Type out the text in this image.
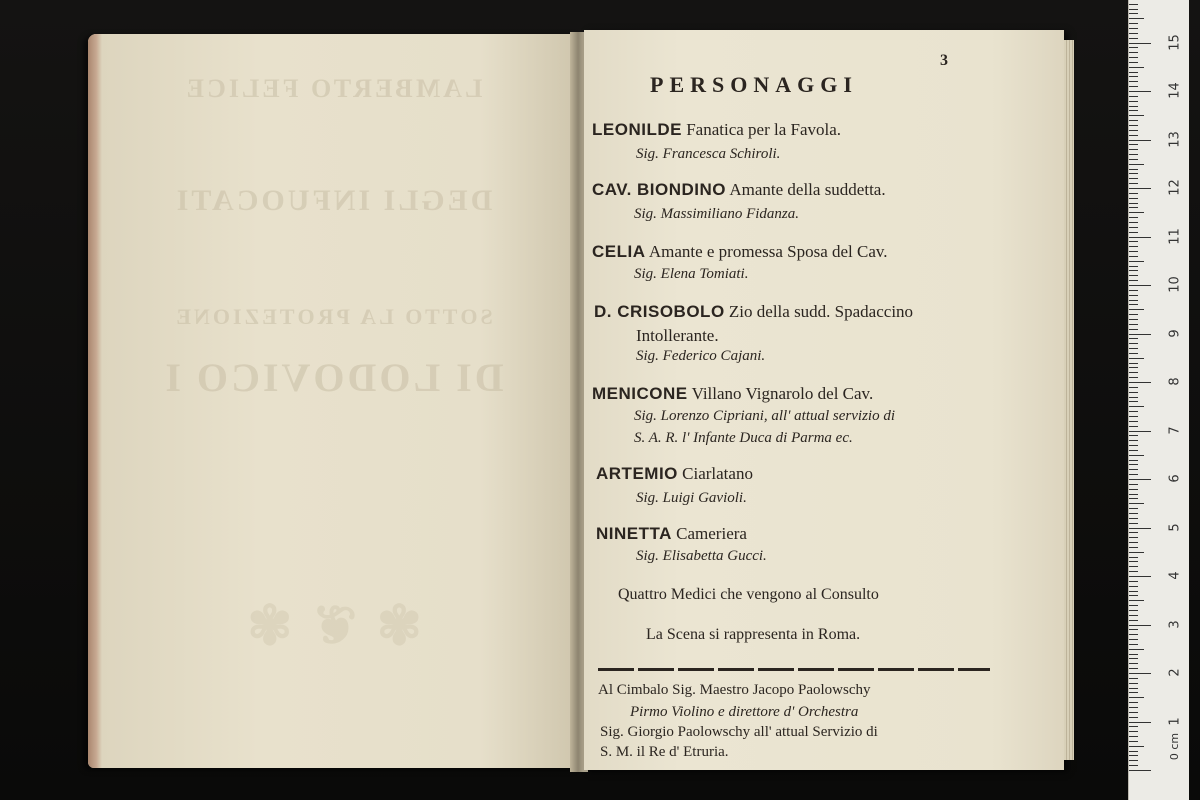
LAMBERTO FELICE
DEGLI INFUOCATI
SOTTO LA PROTEZIONE
DI LODOVICO I
✾ ❦ ✾
3
PERSONAGGI
LEONILDE Fanatica per la Favola.
Sig. Francesca Schiroli.
CAV. BIONDINO Amante della suddetta.
Sig. Massimiliano Fidanza.
CELIA Amante e promessa Sposa del Cav.
Sig. Elena Tomiati.
D. CRISOBOLO Zio della sudd. Spadaccino
Intollerante.
Sig. Federico Cajani.
MENICONE Villano Vignarolo del Cav.
Sig. Lorenzo Cipriani, all' attual servizio di
S. A. R. l' Infante Duca di Parma ec.
ARTEMIO Ciarlatano
Sig. Luigi Gavioli.
NINETTA Cameriera
Sig. Elisabetta Gucci.
Quattro Medici che vengono al Consulto
La Scena si rappresenta in Roma.
Al Cimbalo Sig. Maestro Jacopo Paolowschy
Pirmo Violino e direttore d' Orchestra
Sig. Giorgio Paolowschy all' attual Servizio di
S. M. il Re d' Etruria.
1
2
3
4
5
6
7
8
9
10
11
12
13
14
15
0 cm
